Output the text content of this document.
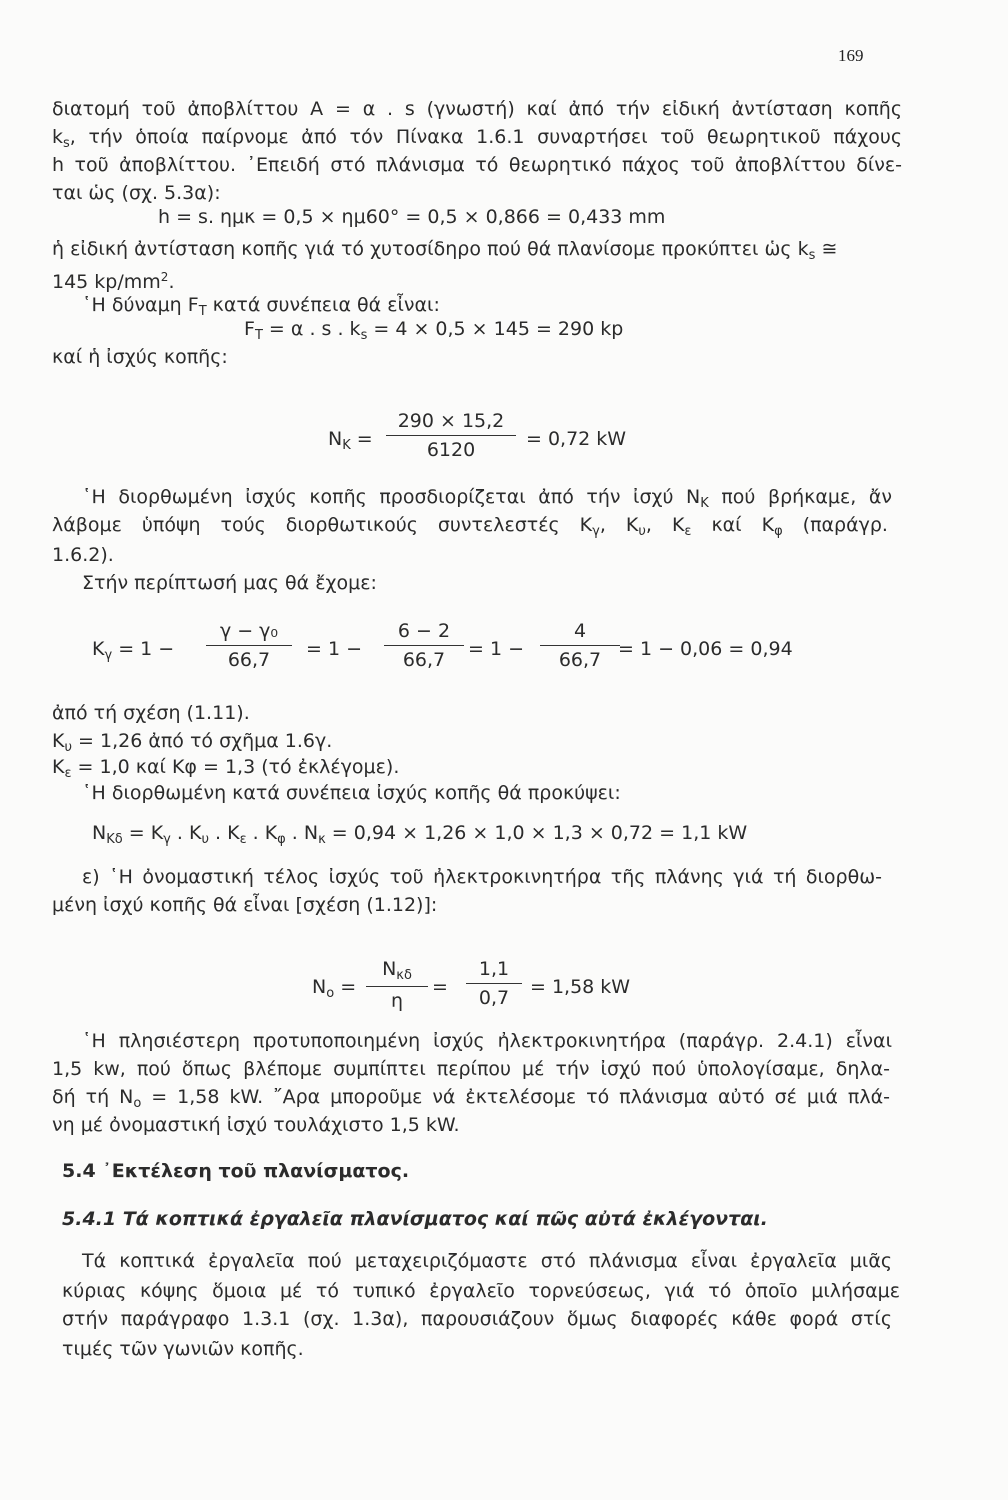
169
διατομή τοῦ ἀποβλίττου A = α . s (γνωστή) καί ἀπό τήν εἰδική ἀντίσταση κοπῆς
$k_s$, τήν ὁποία παίρνομε ἀπό τόν Πίνακα 1.6.1 συναρτήσει τοῦ θεωρητικοῦ πάχους
h τοῦ ἀποβλίττου. ᾿Επειδή στό πλάνισμα τό θεωρητικό πάχος τοῦ ἀποβλίττου δίνε-
ται ὡς (σχ. 5.3α):
h = s. ημκ = 0,5 × ημ60° = 0,5 × 0,866 = 0,433 mm
ἡ εἰδική ἀντίσταση κοπῆς γιά τό χυτοσίδηρο πού θά πλανίσομε προκύπτει ὡς $k_s$ ≅
145 $kp/mm^2$.
῾Η δύναμη $F_T$ κατά συνέπεια θά εἶναι:
$F_T = \alpha$ . s . $k_s = 4 \times 0,5 \times 145 = 290$ kp
καί ἡ ἰσχύς κοπῆς:
$N_K$ =
290 × 15,2
6120	= 0,72 kW
῾Η διορθωμένη ἰσχύς κοπῆς προσδιορίζεται ἀπό τήν ἰσχύ $N_K$ πού βρήκαμε, ἄν
λάβομε ὑπόψη τούς διορθωτικούς συντελεστές $K_\gamma$, $K_\upsilon$, $K_\varepsilon$ καί $K_\varphi$ (παράγρ.
1.6.2).
Στήν περίπτωσή μας θά ἔχομε:
$K_\gamma = 1$ −
γ − γ₀
66,7	= 1 −
6 − 2
66,7	= 1 −
4
66,7 = 1 − 0,06 = 0,94
ἀπό τή σχέση (1.11).
$K_\upsilon = 1,26$ ἀπό τό σχῆμα 1.6γ.
$K_\varepsilon = 1,0$ καί Kφ = 1,3 (τό ἐκλέγομε).
῾Η διορθωμένη κατά συνέπεια ἰσχύς κοπῆς θά προκύψει:
$N_{K\delta} = K_\gamma$ . $K_\upsilon$ . $K_\varepsilon$ . $K_\varphi$ . $N_\kappa = 0,94 \times 1,26 \times 1,0 \times 1,3 \times 0,72 = 1,1$ kW
ε) ῾Η ὀνομαστική τέλος ἰσχύς τοῦ ἠλεκτροκινητήρα τῆς πλάνης γιά τή διορθω-
μένη ἰσχύ κοπῆς θά εἶναι [σχέση (1.12)]:
$N_o$ =
$N_{\kappa\delta}$
η
=
1,1
0,7	= 1,58 kW
῾Η πλησιέστερη προτυποποιημένη ἰσχύς ἠλεκτροκινητήρα (παράγρ. 2.4.1) εἶναι
1,5 kw, πού ὅπως βλέπομε συμπίπτει περίπου μέ τήν ἰσχύ πού ὑπολογίσαμε, δηλα-
δή τή $N_o = 1,58$ kW. ῎Αρα μποροῦμε νά ἐκτελέσομε τό πλάνισμα αὐτό σέ μιά πλά-
νη μέ ὀνομαστική ἰσχύ τουλάχιστο 1,5 kW.
5.4 ᾿Εκτέλεση τοῦ πλανίσματος.
5.4.1 Τά κοπτικά ἐργαλεῖα πλανίσματος καί πῶς αὐτά ἐκλέγονται.
Τά κοπτικά ἐργαλεῖα πού μεταχειριζόμαστε στό πλάνισμα εἶναι ἐργαλεῖα μιᾶς
κύριας κόψης ὅμοια μέ τό τυπικό ἐργαλεῖο τορνεύσεως, γιά τό ὁποῖο μιλήσαμε
στήν παράγραφο 1.3.1 (σχ. 1.3α), παρουσιάζουν ὅμως διαφορές κάθε φορά στίς
τιμές τῶν γωνιῶν κοπῆς.
